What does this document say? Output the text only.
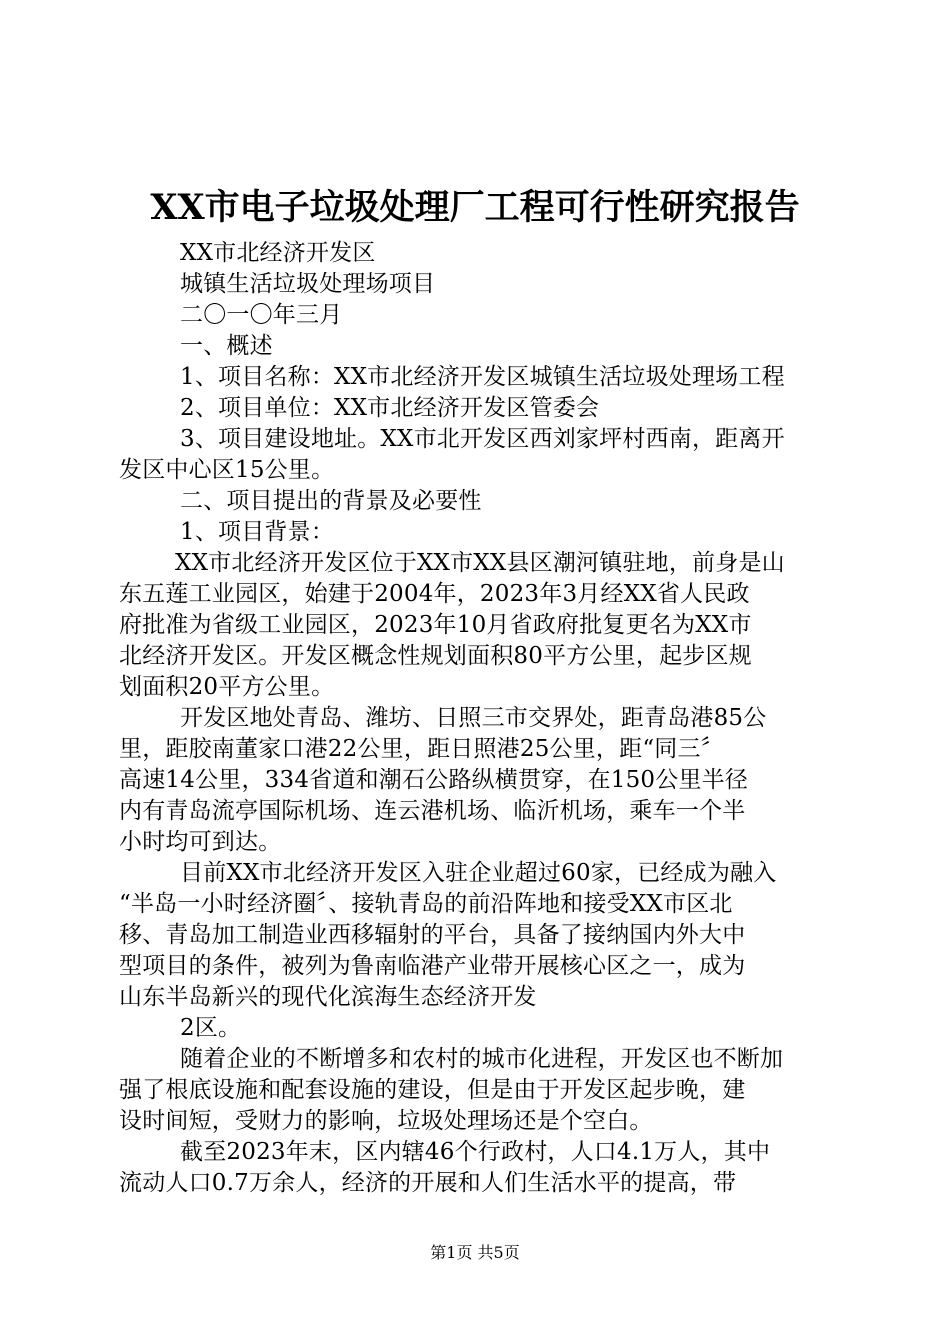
XX市电子垃圾处理厂工程可行性研究报告
XX市北经济开发区
城镇生活垃圾处理场项目
二〇一〇年三月
一、概述
1、项目名称：XX市北经济开发区城镇生活垃圾处理场工程
2、项目单位：XX市北经济开发区管委会
3、项目建设地址。XX市北开发区西刘家坪村西南，距离开
发区中心区15公里。
二、项目提出的背景及必要性
1、项目背景：
XX市北经济开发区位于XX市XX县区潮河镇驻地，前身是山
东五莲工业园区，始建于2004年，2023年3月经XX省人民政
府批准为省级工业园区，2023年10月省政府批复更名为XX市
北经济开发区。开发区概念性规划面积80平方公里，起步区规
划面积20平方公里。
开发区地处青岛、潍坊、日照三市交界处，距青岛港85公
里，距胶南董家口港22公里，距日照港25公里，距“同三〞
高速14公里，334省道和潮石公路纵横贯穿，在150公里半径
内有青岛流亭国际机场、连云港机场、临沂机场，乘车一个半
小时均可到达。
目前XX市北经济开发区入驻企业超过60家，已经成为融入
“半岛一小时经济圈〞、接轨青岛的前沿阵地和接受XX市区北
移、青岛加工制造业西移辐射的平台，具备了接纳国内外大中
型项目的条件，被列为鲁南临港产业带开展核心区之一，成为
山东半岛新兴的现代化滨海生态经济开发
2区。
随着企业的不断增多和农村的城市化进程，开发区也不断加
强了根底设施和配套设施的建设，但是由于开发区起步晚，建
设时间短，受财力的影响，垃圾处理场还是个空白。
截至2023年末，区内辖46个行政村，人口4.1万人，其中
流动人口0.7万余人，经济的开展和人们生活水平的提高，带
第1页 共5页
